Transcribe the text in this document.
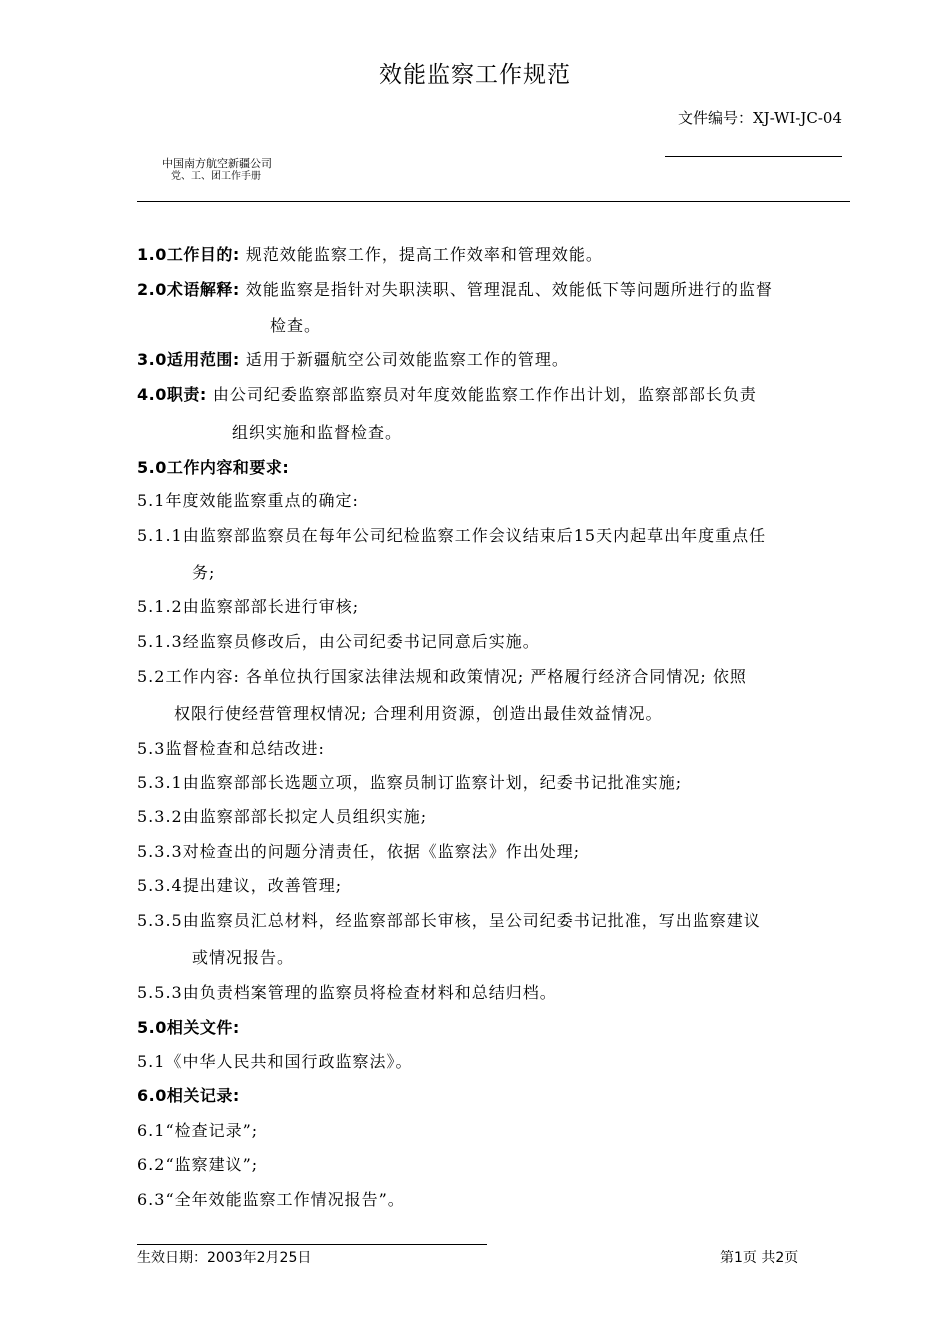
效能监察工作规范
文件编号：XJ-WI-JC-04
中国南方航空新疆公司
党、工、团工作手册
1.0工作目的: 规范效能监察工作，提高工作效率和管理效能。
2.0术语解释: 效能监察是指针对失职渎职、管理混乱、效能低下等问题所进行的监督
检查。
3.0适用范围: 适用于新疆航空公司效能监察工作的管理。
4.0职责: 由公司纪委监察部监察员对年度效能监察工作作出计划，监察部部长负责
组织实施和监督检查。
5.0工作内容和要求:
5.1年度效能监察重点的确定:
5.1.1由监察部监察员在每年公司纪检监察工作会议结束后15天内起草出年度重点任
务;
5.1.2由监察部部长进行审核;
5.1.3经监察员修改后，由公司纪委书记同意后实施。
5.2工作内容: 各单位执行国家法律法规和政策情况; 严格履行经济合同情况; 依照
权限行使经营管理权情况; 合理利用资源，创造出最佳效益情况。
5.3监督检查和总结改进:
5.3.1由监察部部长选题立项，监察员制订监察计划，纪委书记批准实施;
5.3.2由监察部部长拟定人员组织实施;
5.3.3对检查出的问题分清责任，依据《监察法》作出处理;
5.3.4提出建议，改善管理;
5.3.5由监察员汇总材料，经监察部部长审核，呈公司纪委书记批准，写出监察建议
或情况报告。
5.5.3由负责档案管理的监察员将检查材料和总结归档。
5.0相关文件:
5.1《中华人民共和国行政监察法》。
6.0相关记录:
6.1“检查记录”;
6.2“监察建议”;
6.3“全年效能监察工作情况报告”。
生效日期：2003年2月25日	第1页 共2页
